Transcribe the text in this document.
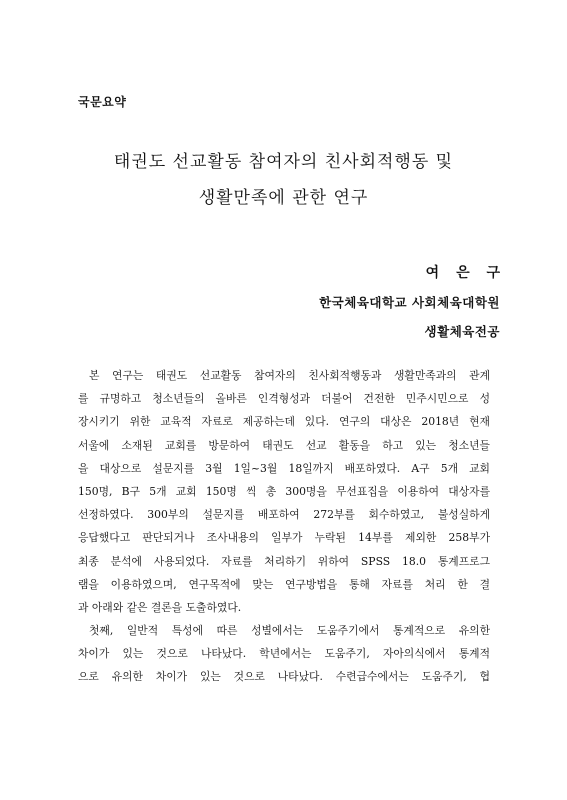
국문요약
태권도 선교활동 참여자의 친사회적행동 및
생활만족에 관한 연구
여 은 구
한국체육대학교 사회체육대학원
생활체육전공
본 연구는 태권도 선교활동 참여자의 친사회적행동과 생활만족과의 관계
를 규명하고 청소년들의 올바른 인격형성과 더불어 건전한 민주시민으로 성
장시키기 위한 교육적 자료로 제공하는데 있다. 연구의 대상은 2018년 현재
서울에 소재된 교회를 방문하여 태권도 선교 활동을 하고 있는 청소년들
을 대상으로 설문지를 3월 1일~3월 18일까지 배포하였다. A구 5개 교회
150명, B구 5개 교회 150명 씩 총 300명을 무선표집을 이용하여 대상자를
선정하였다. 300부의 설문지를 배포하여 272부를 회수하였고, 불성실하게
응답했다고 판단되거나 조사내용의 일부가 누락된 14부를 제외한 258부가
최종 분석에 사용되었다. 자료를 처리하기 위하여 SPSS 18.0 통계프로그
램을 이용하였으며, 연구목적에 맞는 연구방법을 통해 자료를 처리 한 결
과 아래와 같은 결론을 도출하였다.
첫째, 일반적 특성에 따른 성별에서는 도움주기에서 통계적으로 유의한
차이가 있는 것으로 나타났다. 학년에서는 도움주기, 자아의식에서 통계적
으로 유의한 차이가 있는 것으로 나타났다. 수련급수에서는 도움주기, 협
